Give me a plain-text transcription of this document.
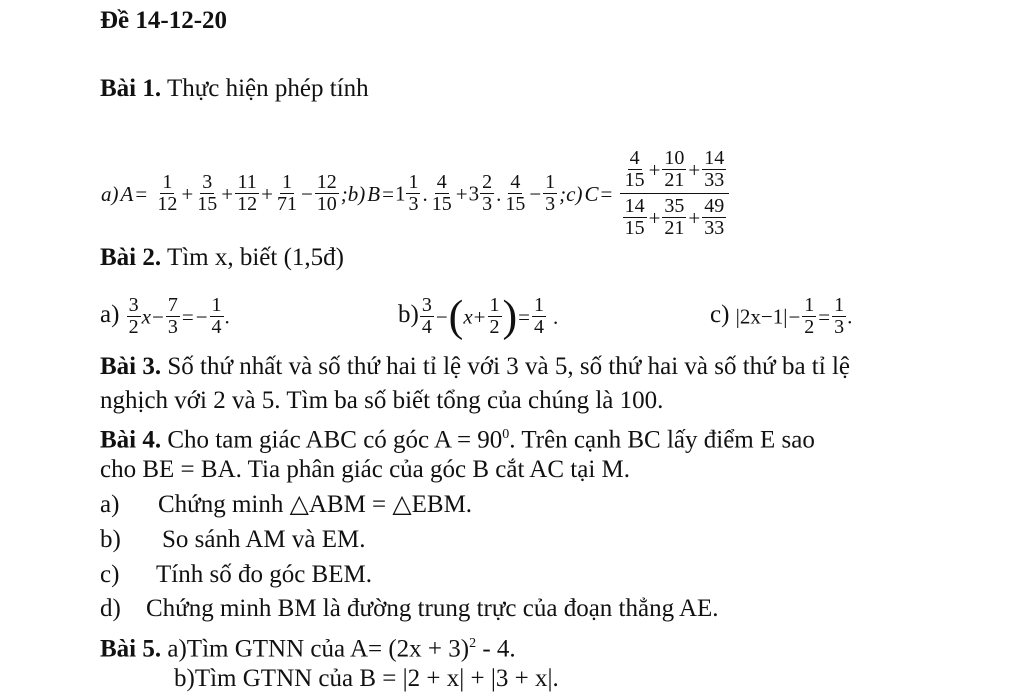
Đề 14-12-20
Bài 1. Thực hiện phép tính
$a)A= \frac{1}{12} + \frac{3}{15} + \frac{11}{12} + \frac{1}{71} - \frac{12}{10}$ ;b)B=1 $\frac{1}{3}$ . $\frac{4}{15} +3 \frac{2}{3}$ . $\frac{4}{15} - \frac{1}{3}$ ;c)C= $\frac{\frac{4}{15} + \frac{10}{21} + \frac{14}{33}}{\frac{14}{15} + \frac{35}{21} + \frac{49}{33}}$
Bài 2. Tìm x, biết (1,5đ)
$a) \frac{3}{2} x- \frac{7}{3} =- \frac{1}{4}$ .	$b) \frac{3}{4} -(x+ \frac{1}{2}$ )= $\frac{1}{4}$ .	c) $|2x-1|- \frac{1}{2} = \frac{1}{3}$ .
Bài 3. Số thứ nhất và số thứ hai tỉ lệ với 3 và 5, số thứ hai và số thứ ba tỉ lệ
nghịch với 2 và 5. Tìm ba số biết tổng của chúng là 100.
Bài 4. Cho tam giác ABC có góc $A = 90^0$. Trên cạnh BC lấy điểm E sao
cho BE = BA. Tia phân giác của góc B cắt AC tại M.
a) Chứng minh △ABM = △EBM.
b) So sánh AM và EM.
c) Tính số đo góc BEM.
d) Chứng minh BM là đường trung trực của đoạn thẳng AE.
Bài 5. a)Tìm GTNN của $A= (2x + 3)^2 - 4$.
b)Tìm GTNN của B = |2 + x| + |3 + x|.
